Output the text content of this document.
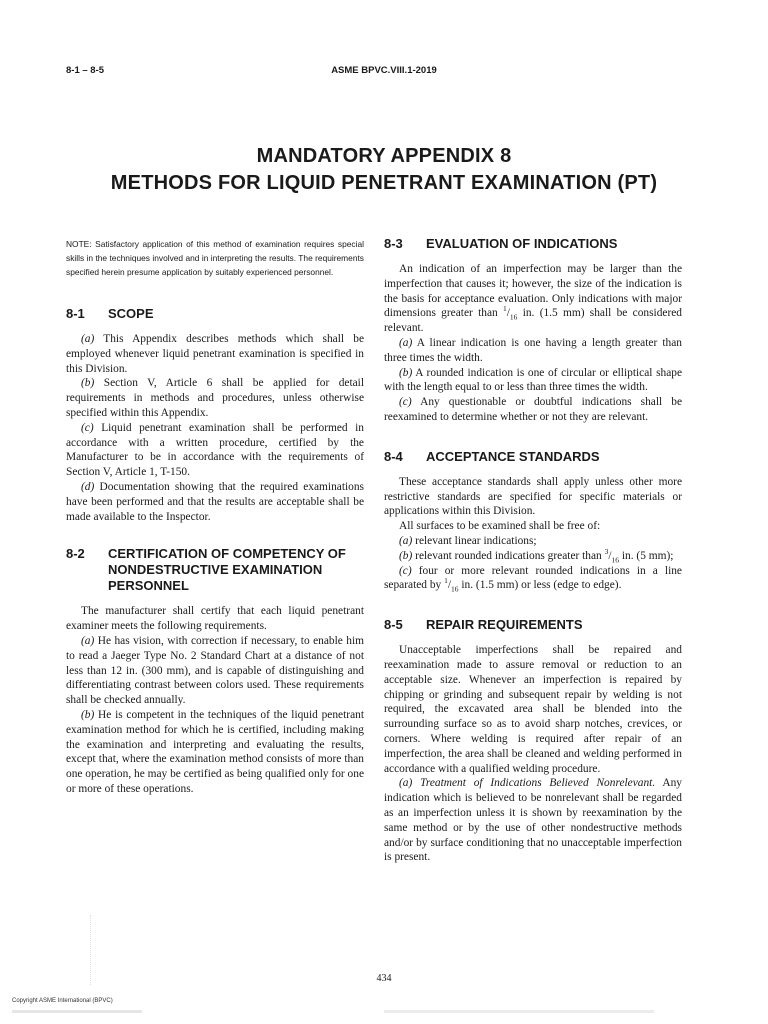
8-1 – 8-5	ASME BPVC.VIII.1-2019
MANDATORY APPENDIX 8
METHODS FOR LIQUID PENETRANT EXAMINATION (PT)

NOTE: Satisfactory application of this method of examination requires special skills in the techniques involved and in interpreting the results. The requirements specified herein presume application by suitably experienced personnel.

8-1	SCOPE

(a) This Appendix describes methods which shall be employed whenever liquid penetrant examination is specified in this Division.

(b) Section V, Article 6 shall be applied for detail requirements in methods and procedures, unless otherwise specified within this Appendix.

(c) Liquid penetrant examination shall be performed in accordance with a written procedure, certified by the Manufacturer to be in accordance with the requirements of Section V, Article 1, T-150.

(d) Documentation showing that the required examinations have been performed and that the results are acceptable shall be made available to the Inspector.

8-2	CERTIFICATION OF COMPETENCY OF NONDESTRUCTIVE EXAMINATION PERSONNEL

The manufacturer shall certify that each liquid penetrant examiner meets the following requirements.

(a) He has vision, with correction if necessary, to enable him to read a Jaeger Type No. 2 Standard Chart at a distance of not less than 12 in. (300 mm), and is capable of distinguishing and differentiating contrast between colors used. These requirements shall be checked annually.

(b) He is competent in the techniques of the liquid penetrant examination method for which he is certified, including making the examination and interpreting and evaluating the results, except that, where the examination method consists of more than one operation, he may be certified as being qualified only for one or more of these operations.

8-3	EVALUATION OF INDICATIONS

An indication of an imperfection may be larger than the imperfection that causes it; however, the size of the indication is the basis for acceptance evaluation. Only indications with major dimensions greater than $^1/_{16}$ in. (1.5 mm) shall be considered relevant.

(a) A linear indication is one having a length greater than three times the width.

(b) A rounded indication is one of circular or elliptical shape with the length equal to or less than three times the width.

(c) Any questionable or doubtful indications shall be reexamined to determine whether or not they are relevant.

8-4	ACCEPTANCE STANDARDS

These acceptance standards shall apply unless other more restrictive standards are specified for specific materials or applications within this Division.

All surfaces to be examined shall be free of:

(a) relevant linear indications;

(b) relevant rounded indications greater than $^3/_{16}$ in. (5 mm);

(c) four or more relevant rounded indications in a line separated by $^1/_{16}$ in. (1.5 mm) or less (edge to edge).

8-5	REPAIR REQUIREMENTS

Unacceptable imperfections shall be repaired and reexamination made to assure removal or reduction to an acceptable size. Whenever an imperfection is repaired by chipping or grinding and subsequent repair by welding is not required, the excavated area shall be blended into the surrounding surface so as to avoid sharp notches, crevices, or corners. Where welding is required after repair of an imperfection, the area shall be cleaned and welding performed in accordance with a qualified welding procedure.

(a) Treatment of Indications Believed Nonrelevant. Any indication which is believed to be nonrelevant shall be regarded as an imperfection unless it is shown by reexamination by the same method or by the use of other nondestructive methods and/or by surface conditioning that no unacceptable imperfection is present.

434
Copyright ASME International (BPVC)
